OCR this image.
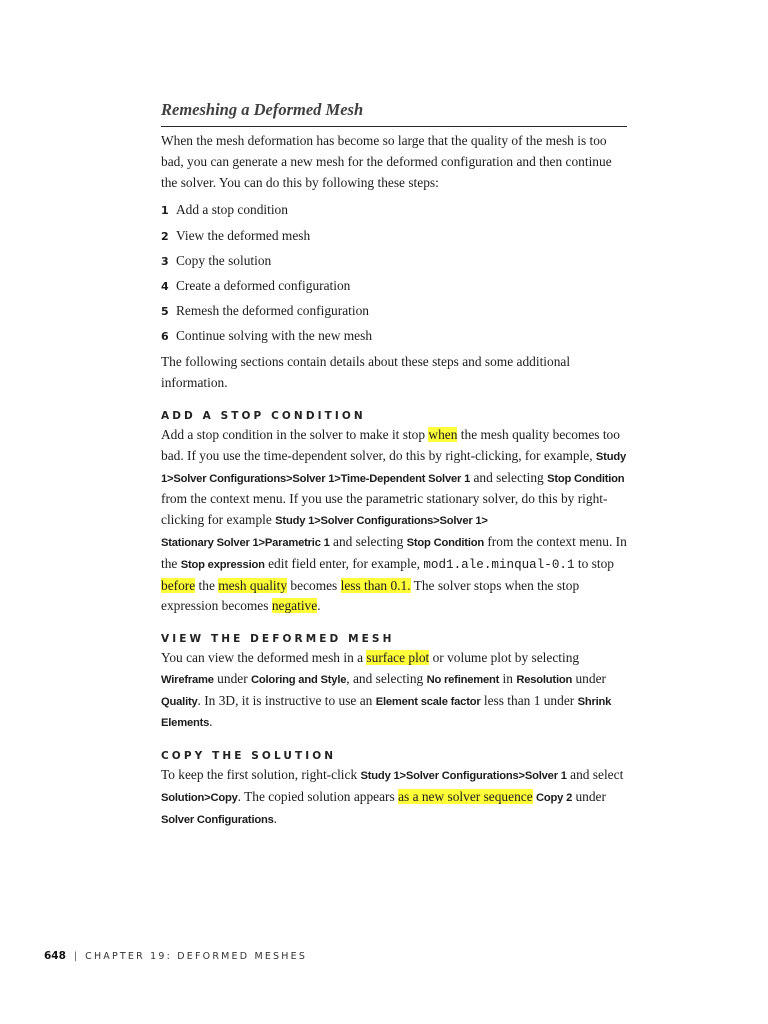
Remeshing a Deformed Mesh

When the mesh deformation has become so large that the quality of the mesh is too bad, you can generate a new mesh for the deformed configuration and then continue the solver. You can do this by following these steps:

1 Add a stop condition
2 View the deformed mesh
3 Copy the solution
4 Create a deformed configuration
5 Remesh the deformed configuration
6 Continue solving with the new mesh

The following sections contain details about these steps and some additional information.

ADD A STOP CONDITION

Add a stop condition in the solver to make it stop when the mesh quality becomes too bad. If you use the time-dependent solver, do this by right-clicking, for example, Study 1>Solver Configurations>Solver 1>Time-Dependent Solver 1 and selecting Stop Condition from the context menu. If you use the parametric stationary solver, do this by right-clicking for example Study 1>Solver Configurations>Solver 1>
Stationary Solver 1>Parametric 1 and selecting Stop Condition from the context menu. In the Stop expression edit field enter, for example, mod1.ale.minqual-0.1 to stop before the mesh quality becomes less than 0.1. The solver stops when the stop expression becomes negative.

VIEW THE DEFORMED MESH

You can view the deformed mesh in a surface plot or volume plot by selecting
Wireframe under Coloring and Style, and selecting No refinement in Resolution under Quality. In 3D, it is instructive to use an Element scale factor less than 1 under Shrink Elements.

COPY THE SOLUTION

To keep the first solution, right-click Study 1>Solver Configurations>Solver 1 and select Solution>Copy. The copied solution appears as a new solver sequence Copy 2 under
Solver Configurations.

648 | CHAPTER 19: DEFORMED MESHES
